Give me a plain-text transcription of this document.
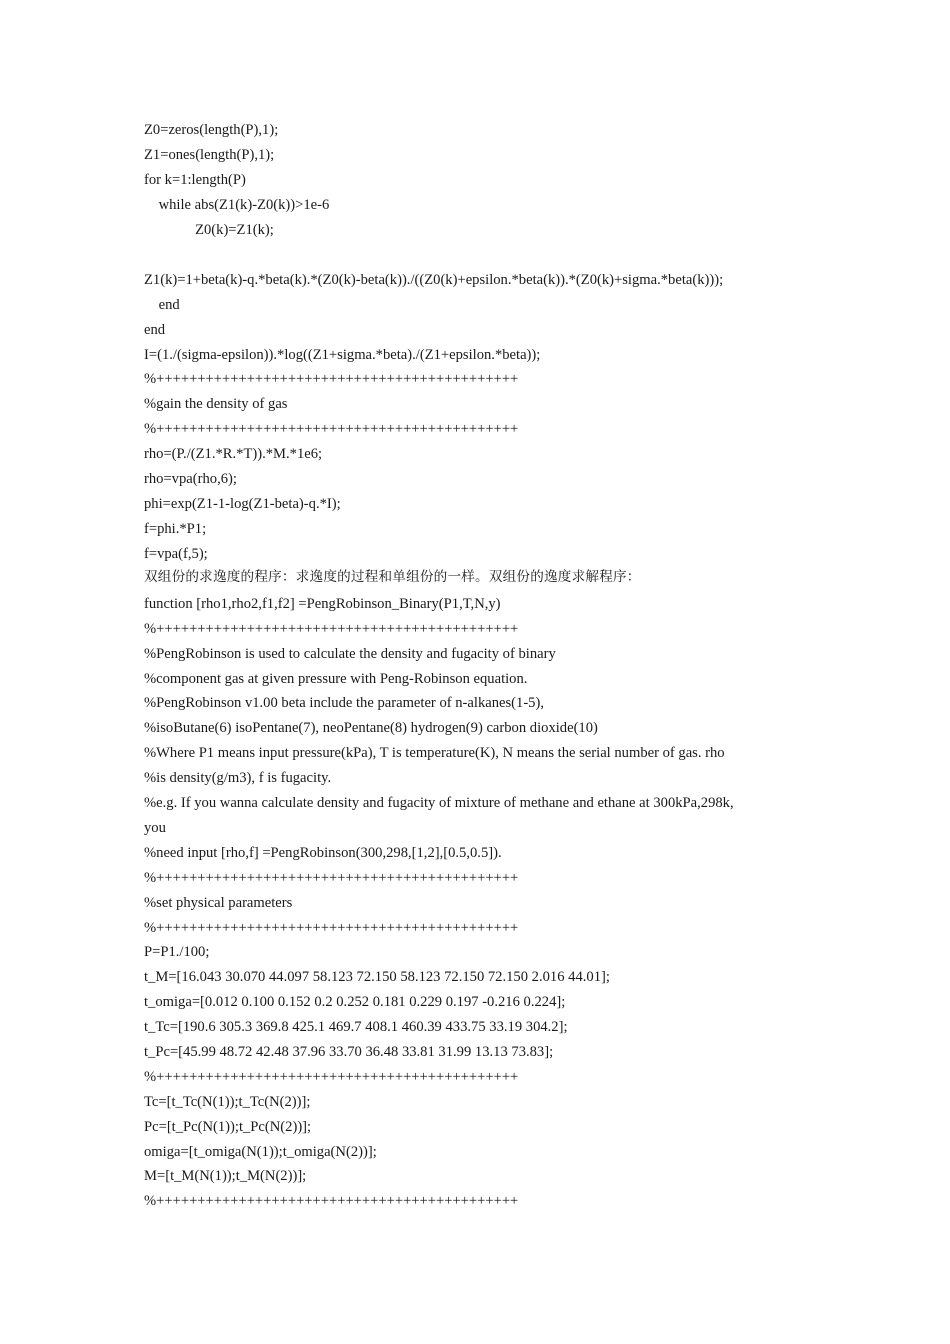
Z0=zeros(length(P),1);

Z1=ones(length(P),1);

for k=1:length(P)

while abs(Z1(k)-Z0(k))>1e-6

Z0(k)=Z1(k);

Z1(k)=1+beta(k)-q.*beta(k).*(Z0(k)-beta(k))./((Z0(k)+epsilon.*beta(k)).*(Z0(k)+sigma.*beta(k)));

end

end

I=(1./(sigma-epsilon)).*log((Z1+sigma.*beta)./(Z1+epsilon.*beta));

%++++++++++++++++++++++++++++++++++++++++++++

%gain the density of gas

%++++++++++++++++++++++++++++++++++++++++++++

rho=(P./(Z1.*R.*T)).*M.*1e6;

rho=vpa(rho,6);

phi=exp(Z1-1-log(Z1-beta)-q.*I);

f=phi.*P1;

f=vpa(f,5);

双组份的求逸度的程序：求逸度的过程和单组份的一样。双组份的逸度求解程序：

function [rho1,rho2,f1,f2] =PengRobinson_Binary(P1,T,N,y)

%++++++++++++++++++++++++++++++++++++++++++++

%PengRobinson is used to calculate the density and fugacity of binary

%component gas at given pressure with Peng-Robinson equation.

%PengRobinson v1.00 beta include the parameter of n-alkanes(1-5),

%isoButane(6) isoPentane(7), neoPentane(8) hydrogen(9) carbon dioxide(10)

%Where P1 means input pressure(kPa), T is temperature(K), N means the serial number of gas. rho

%is density(g/m3), f is fugacity.

%e.g. If you wanna calculate density and fugacity of mixture of methane and ethane at 300kPa,298k,

you

%need input [rho,f] =PengRobinson(300,298,[1,2],[0.5,0.5]).

%++++++++++++++++++++++++++++++++++++++++++++

%set physical parameters

%++++++++++++++++++++++++++++++++++++++++++++

P=P1./100;

t_M=[16.043 30.070 44.097 58.123 72.150 58.123 72.150 72.150 2.016 44.01];

t_omiga=[0.012 0.100 0.152 0.2 0.252 0.181 0.229 0.197 -0.216 0.224];

t_Tc=[190.6 305.3 369.8 425.1 469.7 408.1 460.39 433.75 33.19 304.2];

t_Pc=[45.99 48.72 42.48 37.96 33.70 36.48 33.81 31.99 13.13 73.83];

%++++++++++++++++++++++++++++++++++++++++++++

Tc=[t_Tc(N(1));t_Tc(N(2))];

Pc=[t_Pc(N(1));t_Pc(N(2))];

omiga=[t_omiga(N(1));t_omiga(N(2))];

M=[t_M(N(1));t_M(N(2))];

%++++++++++++++++++++++++++++++++++++++++++++
